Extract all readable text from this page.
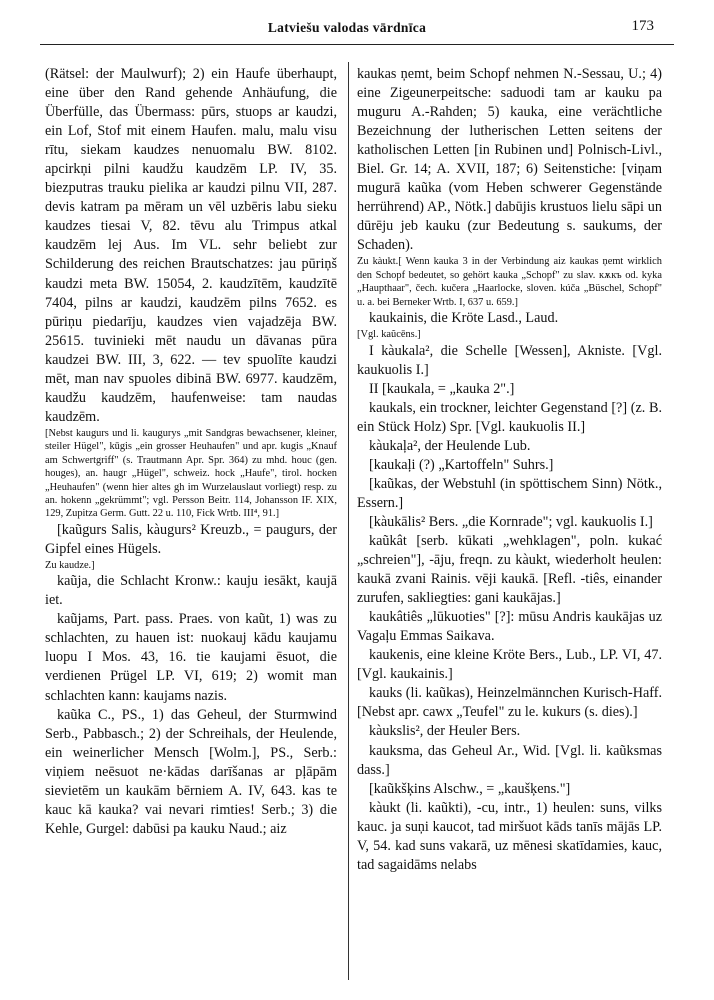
Latviešu valodas vārdnīca	173

(Rätsel: der Maulwurf); 2) ein Haufe überhaupt, eine über den Rand gehende Anhäufung, die Überfülle, das Übermass: pūrs, stuops ar kaudzi, ein Lof, Stof mit einem Haufen. malu, malu visu rītu, siekam kaudzes nenuomalu BW. 8102. apcirkņi pilni kaudžu kaudzēm LP. IV, 35. biezputras trauku pielika ar kaudzi pilnu VII, 287. devis katram pa mēram un vēl uzbēris labu sieku kaudzes tiesai V, 82. tēvu alu Trimpus atkal kaudzēm lej Aus. Im VL. sehr beliebt zur Schilderung des reichen Brautschatzes: jau pūriņš kaudzi meta BW. 15054, 2. kaudzītēm, kaudzītē 7404, pilns ar kaudzi, kaudzēm pilns 7652. es pūriņu piedarīju, kaudzes vien vajadzēja BW. 25615. tuvinieki mēt naudu un dāvanas pūra kaudzei BW. III, 3, 622. — tev spuolīte kaudzi mēt, man nav spuoles dibinā BW. 6977. kaudzēm, kaudžu kaudzēm, haufenweise: tam naudas kaudzēm.

[Nebst kaugurs und li. kaugurys „mit Sandgras bewachsener, kleiner, steiler Hügel", kūgis „ein grosser Heuhaufen" und apr. kugis „Knauf am Schwertgriff" (s. Trautmann Apr. Spr. 364) zu mhd. houc (gen. houges), an. haugr „Hügel", schweiz. hock „Haufe", tirol. hocken „Heuhaufen" (wenn hier altes gh im Wurzelauslaut vorliegt) resp. zu an. hokenn „gekrümmt"; vgl. Persson Beitr. 114, Johansson IF. XIX, 129, Zupitza Germ. Gutt. 22 u. 110, Fick Wrtb. III⁴, 91.]

[kaũgurs Salis, kàugurs² Kreuzb., = paugurs, der Gipfel eines Hügels.

Zu kaudze.]

kaũja, die Schlacht Kronw.: kauju iesākt, kaujā iet.

kaũjams, Part. pass. Praes. von kaũt, 1) was zu schlachten, zu hauen ist: nuokauj kādu kaujamu luopu I Mos. 43, 16. tie kaujami ēsuot, die verdienen Prügel LP. VI, 619; 2) womit man schlachten kann: kaujams nazis.

kaũka C., PS., 1) das Geheul, der Sturmwind Serb., Pabbasch.; 2) der Schreihals, der Heulende, ein weinerlicher Mensch [Wolm.], PS., Serb.: viņiem neēsuot ne·kādas darīšanas ar pļāpām sievietēm un kaukām bērniem A. IV, 643. kas te kauc kā kauka? vai nevari rimties! Serb.; 3) die Kehle, Gurgel: dabūsi pa kauku Naud.; aiz

kaukas ņemt, beim Schopf nehmen N.-Sessau, U.; 4) eine Zigeunerpeitsche: saduodi tam ar kauku pa muguru A.-Rahden; 5) kauka, eine verächtliche Bezeichnung der lutherischen Letten seitens der katholischen Letten [in Rubinen und] Polnisch-Livl., Biel. Gr. 14; A. XVII, 187; 6) Seitenstiche: [viņam mugurā kaũka (vom Heben schwerer Gegenstände herrührend) AP., Nötk.] dabūjis krustuos lielu sāpi un dūrēju jeb kauku (zur Bedeutung s. saukums, der Schaden).

Zu kàukt.[ Wenn kauka 3 in der Verbindung aiz kaukas ņemt wirklich den Schopf bedeutet, so gehört kauka „Schopf" zu slav. кѫкъ od. kyka „Haupthaar", čech. kučera „Haarlocke, sloven. kúča „Büschel, Schopf" u. a. bei Berneker Wrtb. I, 637 u. 659.]

kaukainis, die Kröte Lasd., Laud.

[Vgl. kaũcēns.]

I kàukala², die Schelle [Wessen], Akniste. [Vgl. kaukuolis I.]

II [kaukala, = „kauka 2".]

kaukals, ein trockner, leichter Gegenstand [?] (z. B. ein Stück Holz) Spr. [Vgl. kaukuolis II.]

kàukaļa², der Heulende Lub.

[kaukaļi (?) „Kartoffeln" Suhrs.]

[kaũkas, der Webstuhl (in spöttischem Sinn) Nötk., Essern.]

[kàukālis² Bers. „die Kornrade"; vgl. kaukuolis I.]

kaũkât [serb. kūkati „wehklagen", poln. kukać „schreien"], -āju, freqn. zu kàukt, wiederholt heulen: kaukā zvani Rainis. vēji kaukā. [Refl. -tiês, einander zurufen, sakliegties: gani kaukājas.]

kaukâtiês „lūkuoties" [?]: mūsu Andris kaukājas uz Vagaļu Emmas Saikava.

kaukenis, eine kleine Kröte Bers., Lub., LP. VI, 47. [Vgl. kaukainis.]

kauks (li. kaũkas), Heinzelmännchen Kurisch-Haff. [Nebst apr. cawx „Teufel" zu le. kukurs (s. dies).]

kàukslis², der Heuler Bers.

kauksma, das Geheul Ar., Wid. [Vgl. li. kaũksmas dass.]

[kaũkšķins Alschw., = „kaušķens."]

kàukt (li. kaũkti), -cu, intr., 1) heulen: suns, vilks kauc. ja suņi kaucot, tad miršuot kāds tanīs mājās LP. V, 54. kad suns vakarā, uz mēnesi skatīdamies, kauc, tad sagaidāms nelabs
